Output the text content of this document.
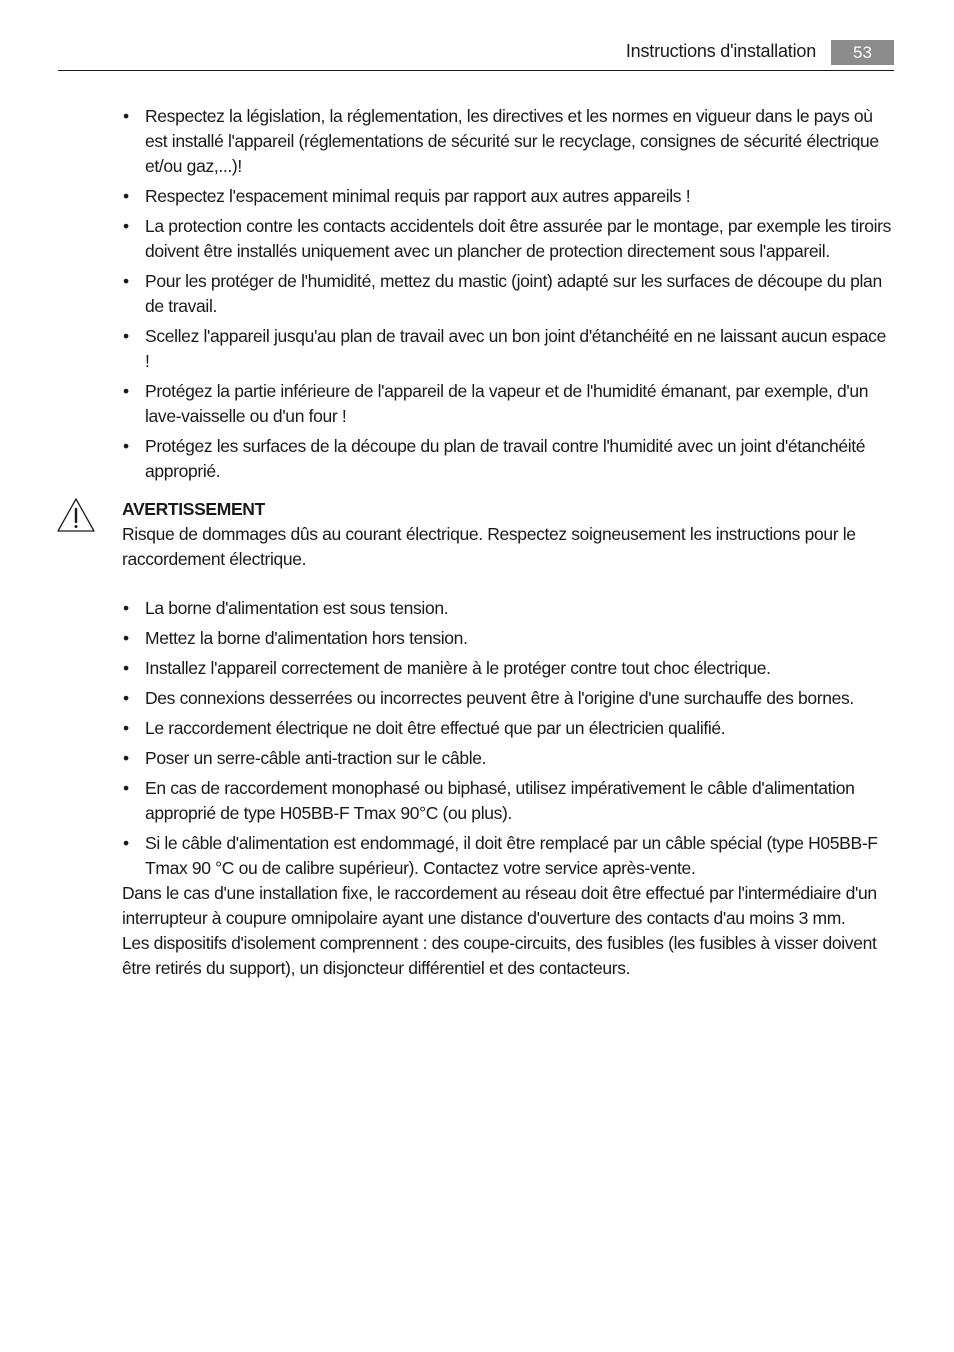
Instructions d'installation	53
• Respectez la législation, la réglementation, les directives et les normes en vigueur dans le pays où est installé l'appareil (réglementations de sécurité sur le recyclage, consignes de sécurité électrique et/ou gaz,...)!
• Respectez l'espacement minimal requis par rapport aux autres appareils !
• La protection contre les contacts accidentels doit être assurée par le montage, par exemple les tiroirs doivent être installés uniquement avec un plancher de protection directement sous l'appareil.
• Pour les protéger de l'humidité, mettez du mastic (joint) adapté sur les surfaces de découpe du plan de travail.
• Scellez l'appareil jusqu'au plan de travail avec un bon joint d'étanchéité en ne laissant aucun espace !
• Protégez la partie inférieure de l'appareil de la vapeur et de l'humidité émanant, par exemple, d'un lave-vaisselle ou d'un four !
• Protégez les surfaces de la découpe du plan de travail contre l'humidité avec un joint d'étanchéité approprié.
AVERTISSEMENT
Risque de dommages dûs au courant électrique. Respectez soigneusement les instructions pour le raccordement électrique.
• La borne d'alimentation est sous tension.
• Mettez la borne d'alimentation hors tension.
• Installez l'appareil correctement de manière à le protéger contre tout choc électrique.
• Des connexions desserrées ou incorrectes peuvent être à l'origine d'une surchauffe des bornes.
• Le raccordement électrique ne doit être effectué que par un électricien qualifié.
• Poser un serre-câble anti-traction sur le câble.
• En cas de raccordement monophasé ou biphasé, utilisez impérativement le câble d'alimentation approprié de type H05BB-F Tmax 90°C (ou plus).
• Si le câble d'alimentation est endommagé, il doit être remplacé par un câble spécial (type H05BB-F Tmax 90 °C ou de calibre supérieur). Contactez votre service après-vente.

Dans le cas d'une installation fixe, le raccordement au réseau doit être effectué par l'intermédiaire d'un interrupteur à coupure omnipolaire ayant une distance d'ouverture des contacts d'au moins 3 mm.

Les dispositifs d'isolement comprennent : des coupe-circuits, des fusibles (les fusibles à visser doivent être retirés du support), un disjoncteur différentiel et des contacteurs.
